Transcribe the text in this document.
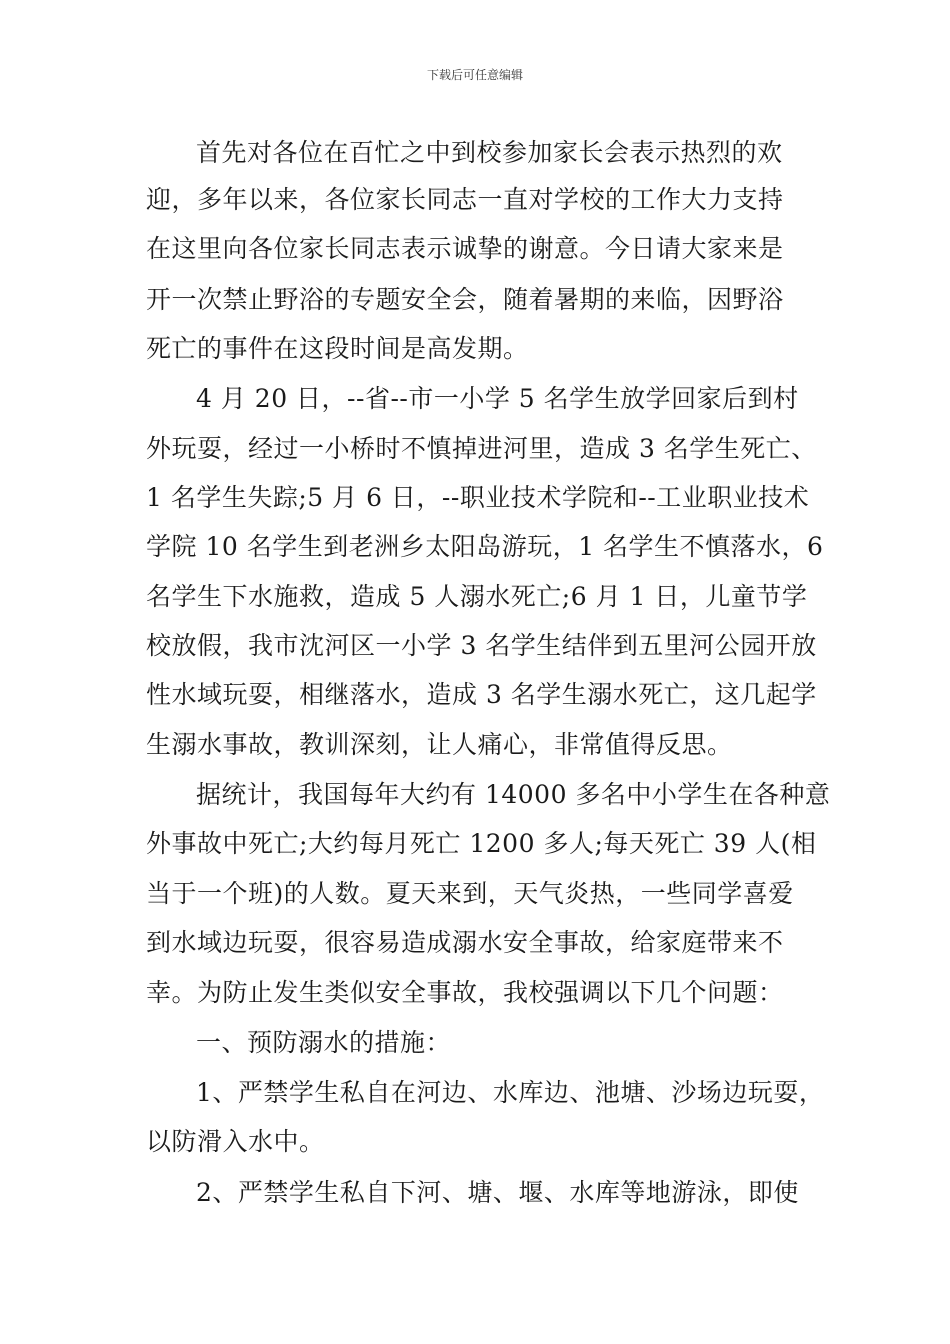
下载后可任意编辑
首先对各位在百忙之中到校参加家长会表示热烈的欢
迎，多年以来，各位家长同志一直对学校的工作大力支持
在这里向各位家长同志表示诚挚的谢意。今日请大家来是
开一次禁止野浴的专题安全会，随着暑期的来临，因野浴
死亡的事件在这段时间是高发期。
4 月 20 日，--省--市一小学 5 名学生放学回家后到村
外玩耍，经过一小桥时不慎掉进河里，造成 3 名学生死亡、
1 名学生失踪;5 月 6 日，--职业技术学院和--工业职业技术
学院 10 名学生到老洲乡太阳岛游玩，1 名学生不慎落水，6
名学生下水施救，造成 5 人溺水死亡;6 月 1 日，儿童节学
校放假，我市沈河区一小学 3 名学生结伴到五里河公园开放
性水域玩耍，相继落水，造成 3 名学生溺水死亡，这几起学
生溺水事故，教训深刻，让人痛心，非常值得反思。
据统计，我国每年大约有 14000 多名中小学生在各种意
外事故中死亡;大约每月死亡 1200 多人;每天死亡 39 人(相
当于一个班)的人数。夏天来到，天气炎热，一些同学喜爱
到水域边玩耍，很容易造成溺水安全事故，给家庭带来不
幸。为防止发生类似安全事故，我校强调以下几个问题：
一、预防溺水的措施：
1、严禁学生私自在河边、水库边、池塘、沙场边玩耍，
以防滑入水中。
2、严禁学生私自下河、塘、堰、水库等地游泳，即使
